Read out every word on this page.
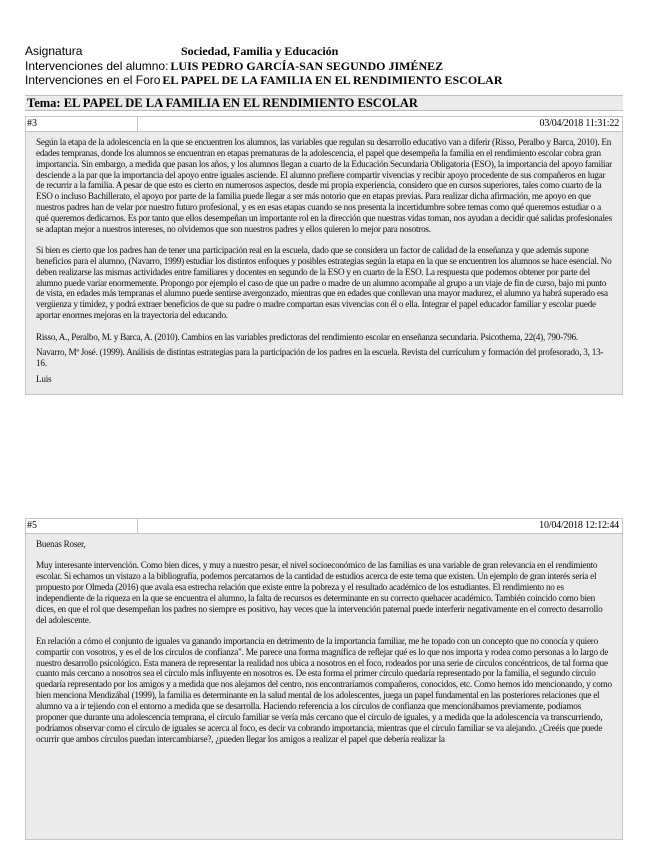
Asignatura	Sociedad, Familia y Educación
Intervenciones del alumno: LUIS PEDRO GARCÍA-SAN SEGUNDO JIMÉNEZ
Intervenciones en el Foro EL PAPEL DE LA FAMILIA EN EL RENDIMIENTO ESCOLAR
Tema: EL PAPEL DE LA FAMILIA EN EL RENDIMIENTO ESCOLAR
#3	03/04/2018 11:31:22

Según la etapa de la adolescencia en la que se encuentren los alumnos, las variables que regulan su desarrollo educativo van a diferir (Risso, Peralbo y Barca, 2010). En edades tempranas, donde los alumnos se encuentran en etapas prematuras de la adolescencia, el papel que desempeña la familia en el rendimiento escolar cobra gran importancia. Sin embargo, a medida que pasan los años, y los alumnos llegan a cuarto de la Educación Secundaria Obligatoria (ESO), la importancia del apoyo familiar desciende a la par que la importancia del apoyo entre iguales asciende. El alumno prefiere compartir vivencias y recibir apoyo procedente de sus compañeros en lugar de recurrir a la familia. A pesar de que esto es cierto en numerosos aspectos, desde mi propia experiencia, considero que en cursos superiores, tales como cuarto de la ESO o incluso Bachillerato, el apoyo por parte de la familia puede llegar a ser más notorio que en etapas previas. Para realizar dicha afirmación, me apoyo en que nuestros padres han de velar por nuestro futuro profesional, y es en esas etapas cuando se nos presenta la incertidumbre sobre temas como qué queremos estudiar o a qué queremos dedicarnos. Es por tanto que ellos desempeñan un importante rol en la dirección que nuestras vidas toman, nos ayudan a decidir qué salidas profesionales se adaptan mejor a nuestros intereses, no olvidemos que son nuestros padres y ellos quieren lo mejor para nosotros.

Si bien es cierto que los padres han de tener una participación real en la escuela, dado que se considera un factor de calidad de la enseñanza y que además supone beneficios para el alumno, (Navarro, 1999) estudiar los distintos enfoques y posibles estrategias según la etapa en la que se encuentren los alumnos se hace esencial. No deben realizarse las mismas actividades entre familiares y docentes en segundo de la ESO y en cuarto de la ESO. La respuesta que podemos obtener por parte del alumno puede variar enormemente. Propongo por ejemplo el caso de que un padre o madre de un alumno acompañe al grupo a un viaje de fin de curso, bajo mi punto de vista, en edades más tempranas el alumno puede sentirse avergonzado, mientras que en edades que conllevan una mayor madurez, el alumno ya habrá superado esa vergüenza y timidez, y podrá extraer beneficios de que su padre o madre compartan esas vivencias con él o ella. Integrar el papel educador familiar y escolar puede aportar enormes mejoras en la trayectoria del educando.

Risso, A., Peralbo, M. y Barca, A. (2010). Cambios en las variables predictoras del rendimiento escolar en enseñanza secundaria. Psicothema, 22(4), 790-796.

Navarro, Mª José. (1999). Análisis de distintas estrategias para la participación de los padres en la escuela. Revista del currículum y formación del profesorado, 3, 13-16.

Luis

#5	10/04/2018 12:12:44

Buenas Roser,

Muy interesante intervención. Como bien dices, y muy a nuestro pesar, el nivel socioeconómico de las familias es una variable de gran relevancia en el rendimiento escolar. Si echamos un vistazo a la bibliografía, podemos percatarnos de la cantidad de estudios acerca de este tema que existen. Un ejemplo de gran interés sería el propuesto por Olmeda (2016) que avala esa estrecha relación que existe entre la pobreza y el resultado académico de los estudiantes. El rendimiento no es independiente de la riqueza en la que se encuentra el alumno, la falta de recursos es determinante en su correcto quehacer académico. También coincido como bien dices, en que el rol que desempeñan los padres no siempre es positivo, hay veces que la intervención paternal puede interferir negativamente en el correcto desarrollo del adolescente.

En relación a cómo el conjunto de iguales va ganando importancia en detrimento de la importancia familiar, me he topado con un concepto que no conocía y quiero compartir con vosotros, y es el de los círculos de confianza". Me parece una forma magnífica de reflejar qué es lo que nos importa y rodea como personas a lo largo de nuestro desarrollo psicológico. Esta manera de representar la realidad nos ubica a nosotros en el foco, rodeados por una serie de círculos concéntricos, de tal forma que cuanto más cercano a nosotros sea el círculo más influyente en nosotros es. De esta forma el primer círculo quedaría representado por la familia, el segundo círculo quedaría representado por los amigos y a medida que nos alejamos del centro, nos encontraríamos compañeros, conocidos, etc. Como hemos ido mencionando, y como bien menciona Mendizábal (1999), la familia es determinante en la salud mental de los adolescentes, juega un papel fundamental en las posteriores relaciones que el alumno va a ir tejiendo con el entorno a medida que se desarrolla. Haciendo referencia a los círculos de confianza que mencionábamos previamente, podíamos proponer que durante una adolescencia temprana, el círculo familiar se vería más cercano que el círculo de iguales, y a medida que la adolescencia va transcurriendo, podríamos observar como el círculo de iguales se acerca al foco, es decir va cobrando importancia, mientras que el círculo familiar se va alejando. ¿Creéis que puede ocurrir que ambos círculos puedan intercambiarse?, ¿pueden llegar los amigos a realizar el papel que debería realizar la
